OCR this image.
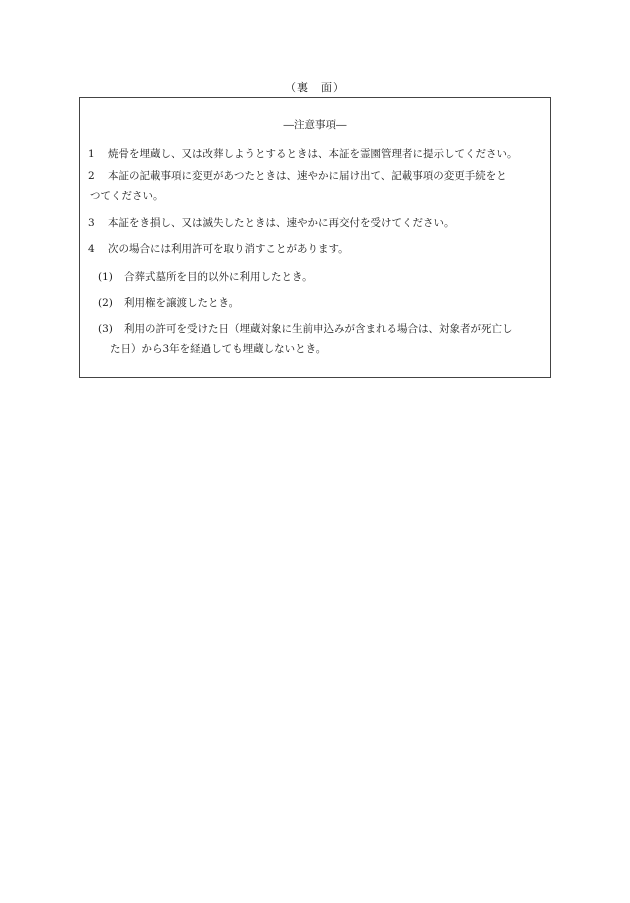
（裏　面）
―注意事項―
1 焼骨を埋蔵し、又は改葬しようとするときは、本証を霊園管理者に提示してください。
2 本証の記載事項に変更があつたときは、速やかに届け出て、記載事項の変更手続をと
つてください。
3 本証をき損し、又は滅失したときは、速やかに再交付を受けてください。
4 次の場合には利用許可を取り消すことがあります。
(1) 合葬式墓所を目的以外に利用したとき。
(2) 利用権を譲渡したとき。
(3) 利用の許可を受けた日（埋蔵対象に生前申込みが含まれる場合は、対象者が死亡し
た日）から3年を経過しても埋蔵しないとき。
